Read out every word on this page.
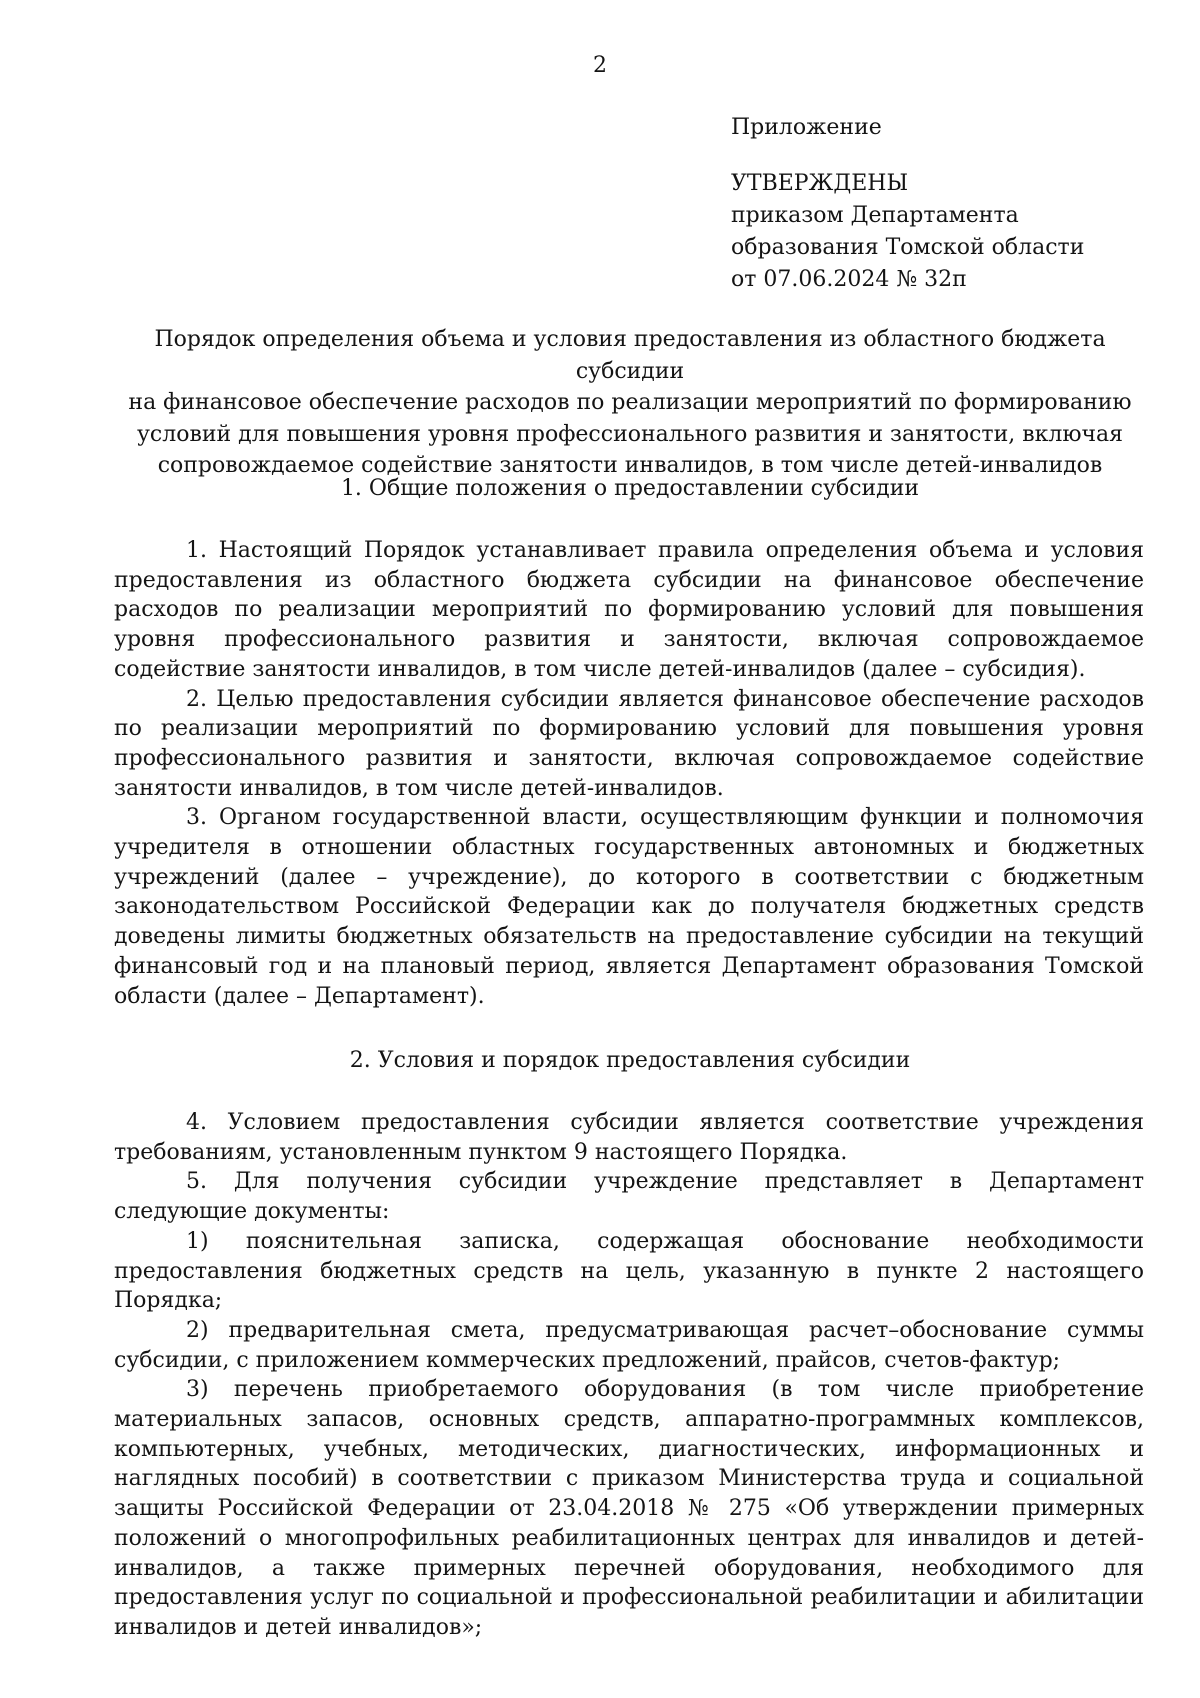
2
Приложение
УТВЕРЖДЕНЫ
приказом Департамента
образования Томской области
от 07.06.2024 № 32п
Порядок определения объема и условия предоставления из областного бюджета субсидии
на финансовое обеспечение расходов по реализации мероприятий по формированию
условий для повышения уровня профессионального развития и занятости, включая
сопровождаемое содействие занятости инвалидов, в том числе детей-инвалидов
1. Общие положения о предоставлении субсидии

1. Настоящий Порядок устанавливает правила определения объема и условия предоставления из областного бюджета субсидии на финансовое обеспечение расходов по реализации мероприятий по формированию условий для повышения уровня профессионального развития и занятости, включая сопровождаемое содействие занятости инвалидов, в том числе детей-инвалидов (далее – субсидия).

2. Целью предоставления субсидии является финансовое обеспечение расходов по реализации мероприятий по формированию условий для повышения уровня профессионального развития и занятости, включая сопровождаемое содействие занятости инвалидов, в том числе детей-инвалидов.

3. Органом государственной власти, осуществляющим функции и полномочия учредителя в отношении областных государственных автономных и бюджетных учреждений (далее – учреждение), до которого в соответствии с бюджетным законодательством Российской Федерации как до получателя бюджетных средств доведены лимиты бюджетных обязательств на предоставление субсидии на текущий финансовый год и на плановый период, является Департамент образования Томской области (далее – Департамент).

2. Условия и порядок предоставления субсидии

4. Условием предоставления субсидии является соответствие учреждения требованиям, установленным пунктом 9 настоящего Порядка.

5. Для получения субсидии учреждение представляет в Департамент следующие документы:

1) пояснительная записка, содержащая обоснование необходимости предоставления бюджетных средств на цель, указанную в пункте 2 настоящего Порядка;

2) предварительная смета, предусматривающая расчет–обоснование суммы субсидии, с приложением коммерческих предложений, прайсов, счетов-фактур;

3) перечень приобретаемого оборудования (в том числе приобретение материальных запасов, основных средств, аппаратно-программных комплексов, компьютерных, учебных, методических, диагностических, информационных и наглядных пособий) в соответствии с приказом Министерства труда и социальной защиты Российской Федерации от 23.04.2018 № 275 «Об утверждении примерных положений о многопрофильных реабилитационных центрах для инвалидов и детей-инвалидов, а также примерных перечней оборудования, необходимого для предоставления услуг по социальной и профессиональной реабилитации и абилитации инвалидов и детей инвалидов»;
